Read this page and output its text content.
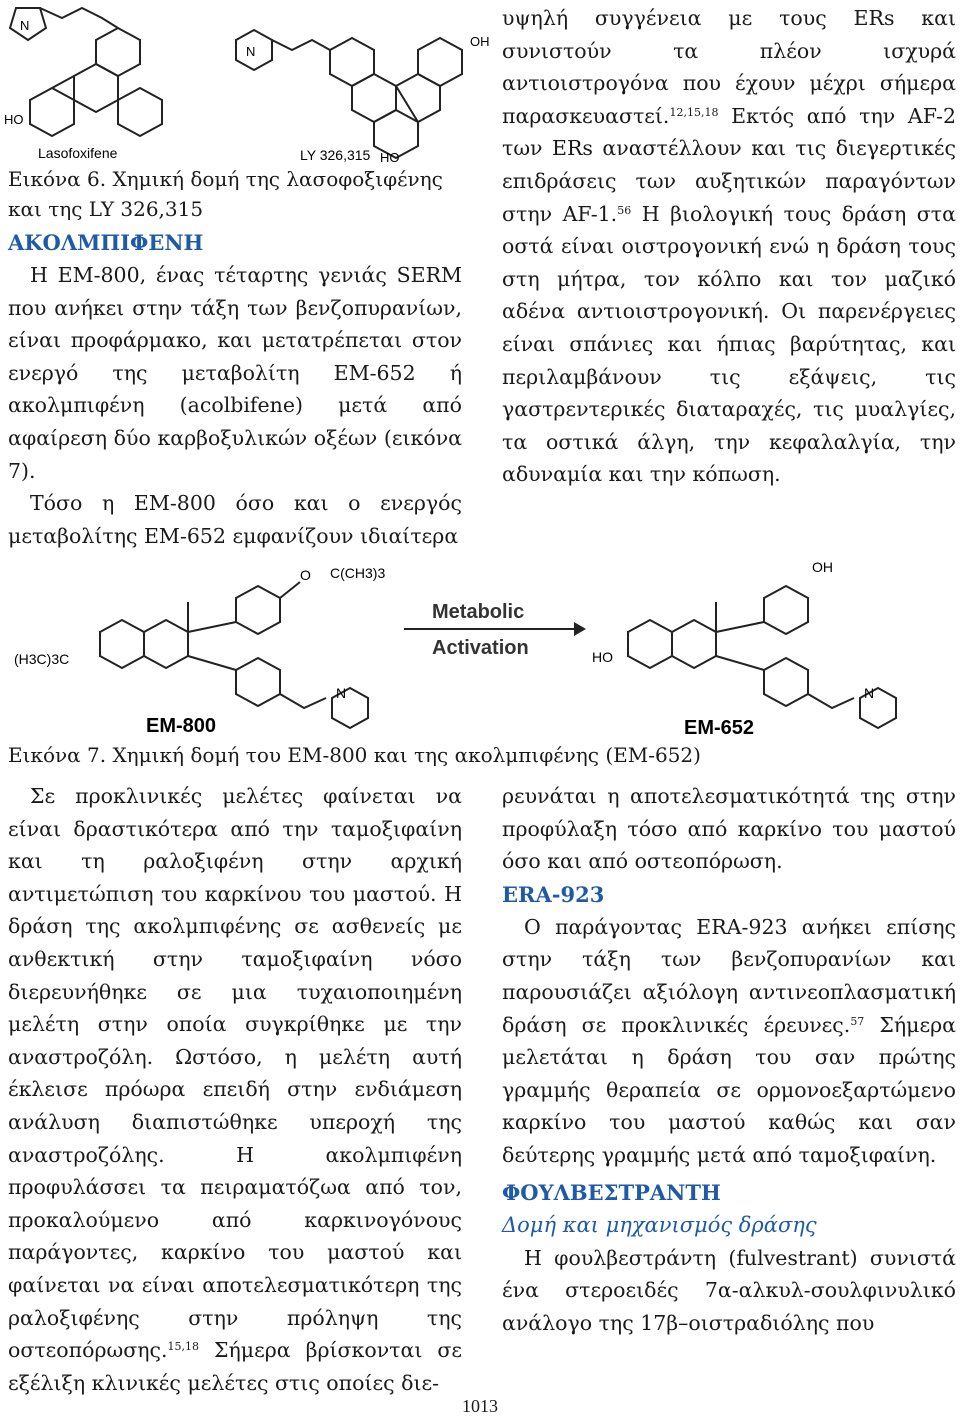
N
N
HO
HO
OH
Lasofoxifene	LY 326,315
Εικόνα 6. Χημική δομή της λασοφοξιφένης
και της LY 326,315

ΑΚΟΛΜΠΙΦΕΝΗ

Η EM-800, ένας τέταρτης γενιάς SERM που ανήκει στην τάξη των βενζοπυρανίων, είναι προφάρμακο, και μετατρέπεται στον ενεργό της μεταβολίτη EM-652 ή ακολμπιφένη (acolbifene) μετά από αφαίρεση δύο καρβοξυλικών οξέων (εικόνα 7).

Τόσο η EM-800 όσο και ο ενεργός μεταβολίτης EM-652 εμφανίζουν ιδιαίτερα

υψηλή συγγένεια με τους ERs και συνιστούν τα πλέον ισχυρά αντιοιστρογόνα που έχουν μέχρι σήμερα παρασκευαστεί.$^{12,15,18}$ Εκτός από την AF-2 των ERs αναστέλλουν και τις διεγερτικές επιδράσεις των αυξητικών παραγόντων στην AF-1.56 Η βιολογική τους δράση στα οστά είναι οιστρογονική ενώ η δράση τους στη μήτρα, τον κόλπο και τον μαζικό αδένα αντιοιστρογονική. Οι παρενέργειες είναι σπάνιες και ήπιας βαρύτητας, και περιλαμβάνουν τις εξάψεις, τις γαστρεντερικές διαταραχές, τις μυαλγίες, τα οστικά άλγη, την κεφαλαλγία, την αδυναμία και την κόπωση.

O C(CH3)3
(H3C)3C
N
Metabolic
Activation	HO
OH
N
EM-800	EM-652
Εικόνα 7. Χημική δομή του EM-800 και της ακολμπιφένης (EM-652)

Σε προκλινικές μελέτες φαίνεται να είναι δραστικότερα από την ταμοξιφαίνη και τη ραλοξιφένη στην αρχική αντιμετώπιση του καρκίνου του μαστού. Η δράση της ακολμπιφένης σε ασθενείς με ανθεκτική στην ταμοξιφαίνη νόσο διερευνήθηκε σε μια τυχαιοποιημένη μελέτη στην οποία συγκρίθηκε με την αναστροζόλη. Ωστόσο, η μελέτη αυτή έκλεισε πρόωρα επειδή στην ενδιάμεση ανάλυση διαπιστώθηκε υπεροχή της αναστροζόλης. Η ακολμπιφένη προφυλάσσει τα πειραματόζωα από τον, προκαλούμενο από καρκινογόνους παράγοντες, καρκίνο του μαστού και φαίνεται να είναι αποτελεσματικότερη της ραλοξιφένης στην πρόληψη της οστεοπόρωσης.$^{15,18}$ Σήμερα βρίσκονται σε εξέλιξη κλινικές μελέτες στις οποίες διε-

ρευνάται η αποτελεσματικότητά της στην προφύλαξη τόσο από καρκίνο του μαστού όσο και από οστεοπόρωση.

ERA-923

Ο παράγοντας ERA-923 ανήκει επίσης στην τάξη των βενζοπυρανίων και παρουσιάζει αξιόλογη αντινεοπλασματική δράση σε προκλινικές έρευνες.$^{57}$ Σήμερα μελετάται η δράση του σαν πρώτης γραμμής θεραπεία σε ορμονοεξαρτώμενο καρκίνο του μαστού καθώς και σαν δεύτερης γραμμής μετά από ταμοξιφαίνη.

ΦΟΥΛΒΕΣΤΡΑΝΤΗ

Δομή και μηχανισμός δράσης

Η φουλβεστράντη (fulvestrant) συνιστά ένα στεροειδές 7α-αλκυλ-σουλφινυλικό ανάλογο της 17β–οιστραδιόλης που

1013
